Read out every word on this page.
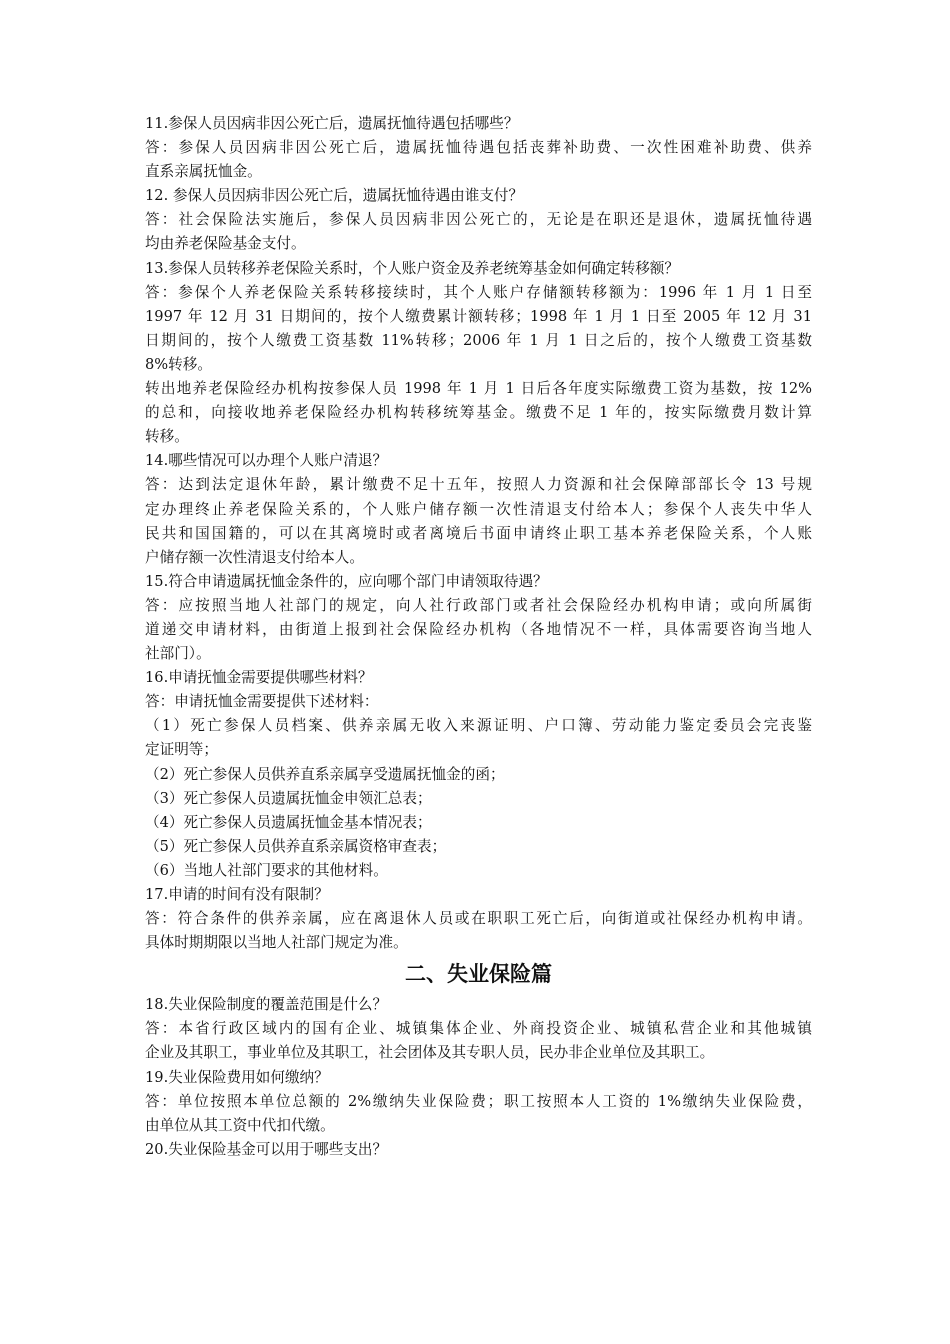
11.参保人员因病非因公死亡后，遗属抚恤待遇包括哪些？
答：参保人员因病非因公死亡后，遗属抚恤待遇包括丧葬补助费、一次性困难补助费、供养
直系亲属抚恤金。
12. 参保人员因病非因公死亡后，遗属抚恤待遇由谁支付？
答：社会保险法实施后，参保人员因病非因公死亡的，无论是在职还是退休，遗属抚恤待遇
均由养老保险基金支付。
13.参保人员转移养老保险关系时，个人账户资金及养老统筹基金如何确定转移额？
答：参保个人养老保险关系转移接续时，其个人账户存储额转移额为：1996 年 1 月 1 日至
1997 年 12 月 31 日期间的，按个人缴费累计额转移；1998 年 1 月 1 日至 2005 年 12 月 31
日期间的，按个人缴费工资基数 11%转移；2006 年 1 月 1 日之后的，按个人缴费工资基数
8%转移。
转出地养老保险经办机构按参保人员 1998 年 1 月 1 日后各年度实际缴费工资为基数，按 12%
的总和，向接收地养老保险经办机构转移统筹基金。缴费不足 1 年的，按实际缴费月数计算
转移。
14.哪些情况可以办理个人账户清退？
答：达到法定退休年龄，累计缴费不足十五年，按照人力资源和社会保障部部长令 13 号规
定办理终止养老保险关系的，个人账户储存额一次性清退支付给本人；参保个人丧失中华人
民共和国国籍的，可以在其离境时或者离境后书面申请终止职工基本养老保险关系，个人账
户储存额一次性清退支付给本人。
15.符合申请遗属抚恤金条件的，应向哪个部门申请领取待遇？
答：应按照当地人社部门的规定，向人社行政部门或者社会保险经办机构申请；或向所属街
道递交申请材料，由街道上报到社会保险经办机构（各地情况不一样，具体需要咨询当地人
社部门）。
16.申请抚恤金需要提供哪些材料？
答：申请抚恤金需要提供下述材料：
（1）死亡参保人员档案、供养亲属无收入来源证明、户口簿、劳动能力鉴定委员会完丧鉴
定证明等；
（2）死亡参保人员供养直系亲属享受遗属抚恤金的函；
（3）死亡参保人员遗属抚恤金申领汇总表；
（4）死亡参保人员遗属抚恤金基本情况表；
（5）死亡参保人员供养直系亲属资格审查表；
（6）当地人社部门要求的其他材料。
17.申请的时间有没有限制？
答：符合条件的供养亲属，应在离退休人员或在职职工死亡后，向街道或社保经办机构申请。
具体时期期限以当地人社部门规定为准。
二、失业保险篇
18.失业保险制度的覆盖范围是什么？
答：本省行政区域内的国有企业、城镇集体企业、外商投资企业、城镇私营企业和其他城镇
企业及其职工，事业单位及其职工，社会团体及其专职人员，民办非企业单位及其职工。
19.失业保险费用如何缴纳？
答：单位按照本单位总额的 2%缴纳失业保险费；职工按照本人工资的 1%缴纳失业保险费，
由单位从其工资中代扣代缴。
20.失业保险基金可以用于哪些支出？
